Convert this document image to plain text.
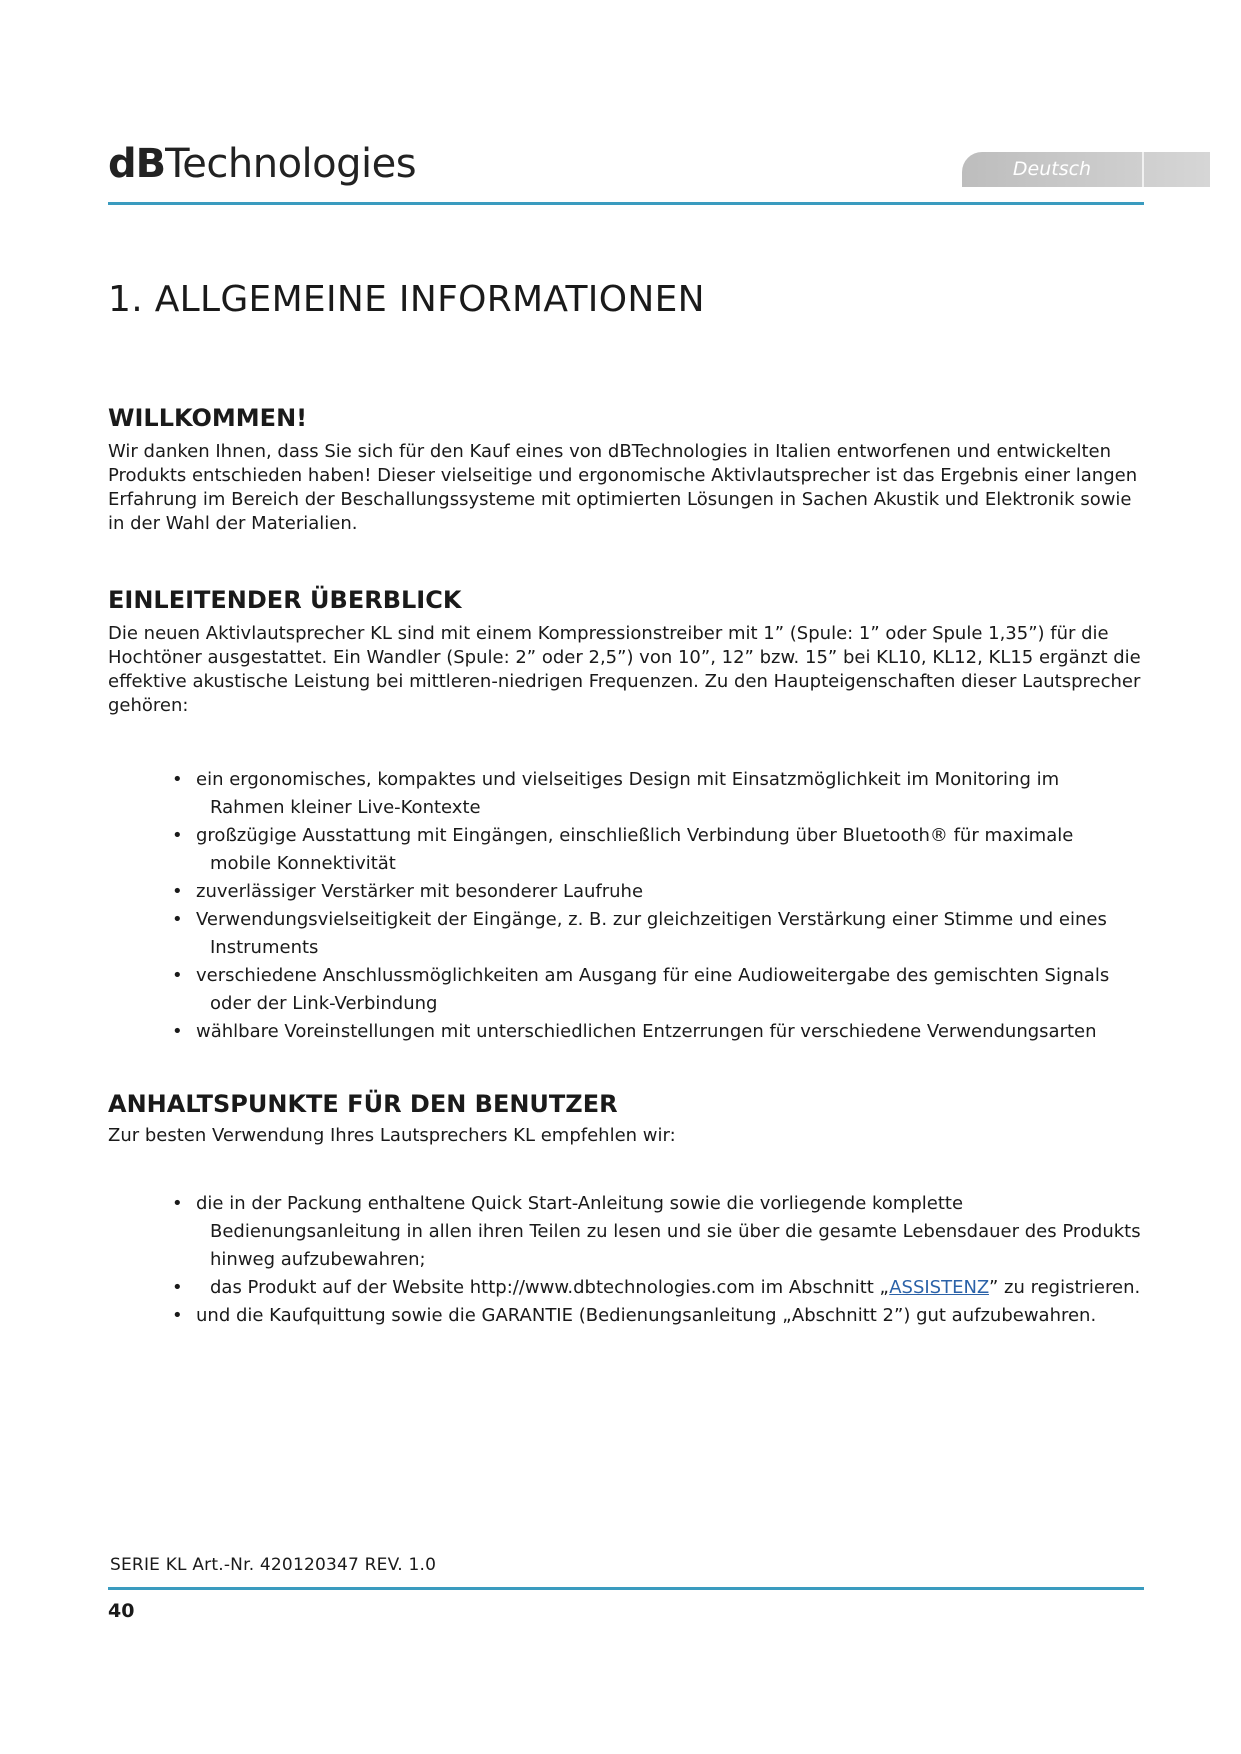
dBTechnologies	Deutsch
1. ALLGEMEINE INFORMATIONEN
WILLKOMMEN!

Wir danken Ihnen, dass Sie sich für den Kauf eines von dBTechnologies in Italien entworfenen und entwickelten

Produkts entschieden haben! Dieser vielseitige und ergonomische Aktivlautsprecher ist das Ergebnis einer langen

Erfahrung im Bereich der Beschallungssysteme mit optimierten Lösungen in Sachen Akustik und Elektronik sowie

in der Wahl der Materialien.

EINLEITENDER ÜBERBLICK

Die neuen Aktivlautsprecher KL sind mit einem Kompressionstreiber mit 1” (Spule: 1” oder Spule 1,35”) für die

Hochtöner ausgestattet. Ein Wandler (Spule: 2” oder 2,5”) von 10”, 12” bzw. 15” bei KL10, KL12, KL15 ergänzt die

effektive akustische Leistung bei mittleren-niedrigen Frequenzen. Zu den Haupteigenschaften dieser Lautsprecher

gehören:

• ein ergonomisches, kompaktes und vielseitiges Design mit Einsatzmöglichkeit im Monitoring im
Rahmen kleiner Live-Kontexte
• großzügige Ausstattung mit Eingängen, einschließlich Verbindung über Bluetooth® für maximale
mobile Konnektivität
• zuverlässiger Verstärker mit besonderer Laufruhe
• Verwendungsvielseitigkeit der Eingänge, z. B. zur gleichzeitigen Verstärkung einer Stimme und eines
Instruments
• verschiedene Anschlussmöglichkeiten am Ausgang für eine Audioweitergabe des gemischten Signals
oder der Link-Verbindung
• wählbare Voreinstellungen mit unterschiedlichen Entzerrungen für verschiedene Verwendungsarten
ANHALTSPUNKTE FÜR DEN BENUTZER

Zur besten Verwendung Ihres Lautsprechers KL empfehlen wir:

• die in der Packung enthaltene Quick Start-Anleitung sowie die vorliegende komplette
Bedienungsanleitung in allen ihren Teilen zu lesen und sie über die gesamte Lebensdauer des Produkts
hinweg aufzubewahren;
• das Produkt auf der Website http://www.dbtechnologies.com im Abschnitt „ASSISTENZ” zu registrieren.
• und die Kaufquittung sowie die GARANTIE (Bedienungsanleitung „Abschnitt 2”) gut aufzubewahren.
SERIE KL Art.-Nr. 420120347 REV. 1.0
40
